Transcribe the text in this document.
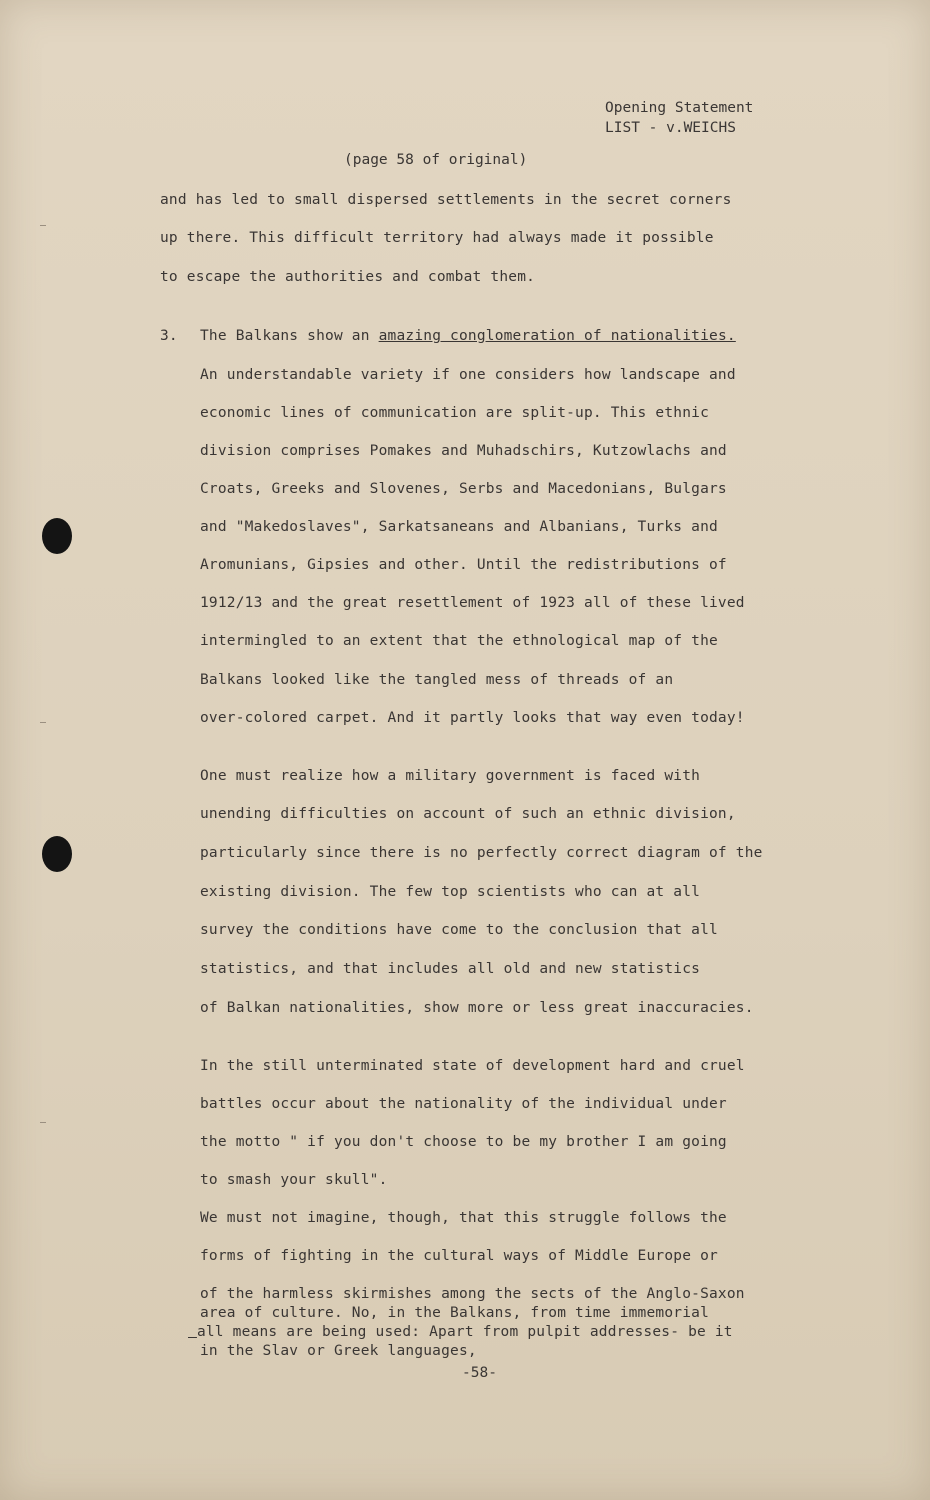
Opening Statement
LIST - v.WEICHS
(page 58 of original)
and has led to small dispersed settlements in the secret corners
up there. This difficult territory had always made it possible
to escape the authorities and combat them.
3. The Balkans show an amazing conglomeration of nationalities.
An understandable variety if one considers how landscape and
economic lines of communication are split-up. This ethnic
division comprises Pomakes and Muhadschirs, Kutzowlachs and
Croats, Greeks and Slovenes, Serbs and Macedonians, Bulgars
and "Makedoslaves", Sarkatsaneans and Albanians, Turks and
Aromunians, Gipsies and other. Until the redistributions of
1912/13 and the great resettlement of 1923 all of these lived
intermingled to an extent that the ethnological map of the
Balkans looked like the tangled mess of threads of an
over-colored carpet. And it partly looks that way even today!
One must realize how a military government is faced with
unending difficulties on account of such an ethnic division,
particularly since there is no perfectly correct diagram of the
existing division. The few top scientists who can at all
survey the conditions have come to the conclusion that all
statistics, and that includes all old and new statistics
of Balkan nationalities, show more or less great inaccuracies.
In the still unterminated state of development hard and cruel
battles occur about the nationality of the individual under
the motto " if you don't choose to be my brother I am going
to smash your skull".
We must not imagine, though, that this struggle follows the
forms of fighting in the cultural ways of Middle Europe or
of the harmless skirmishes among the sects of the Anglo-Saxon
area of culture. No, in the Balkans, from time immemorial
all means are being used: Apart from pulpit addresses- be it
in the Slav or Greek languages,
-58-
